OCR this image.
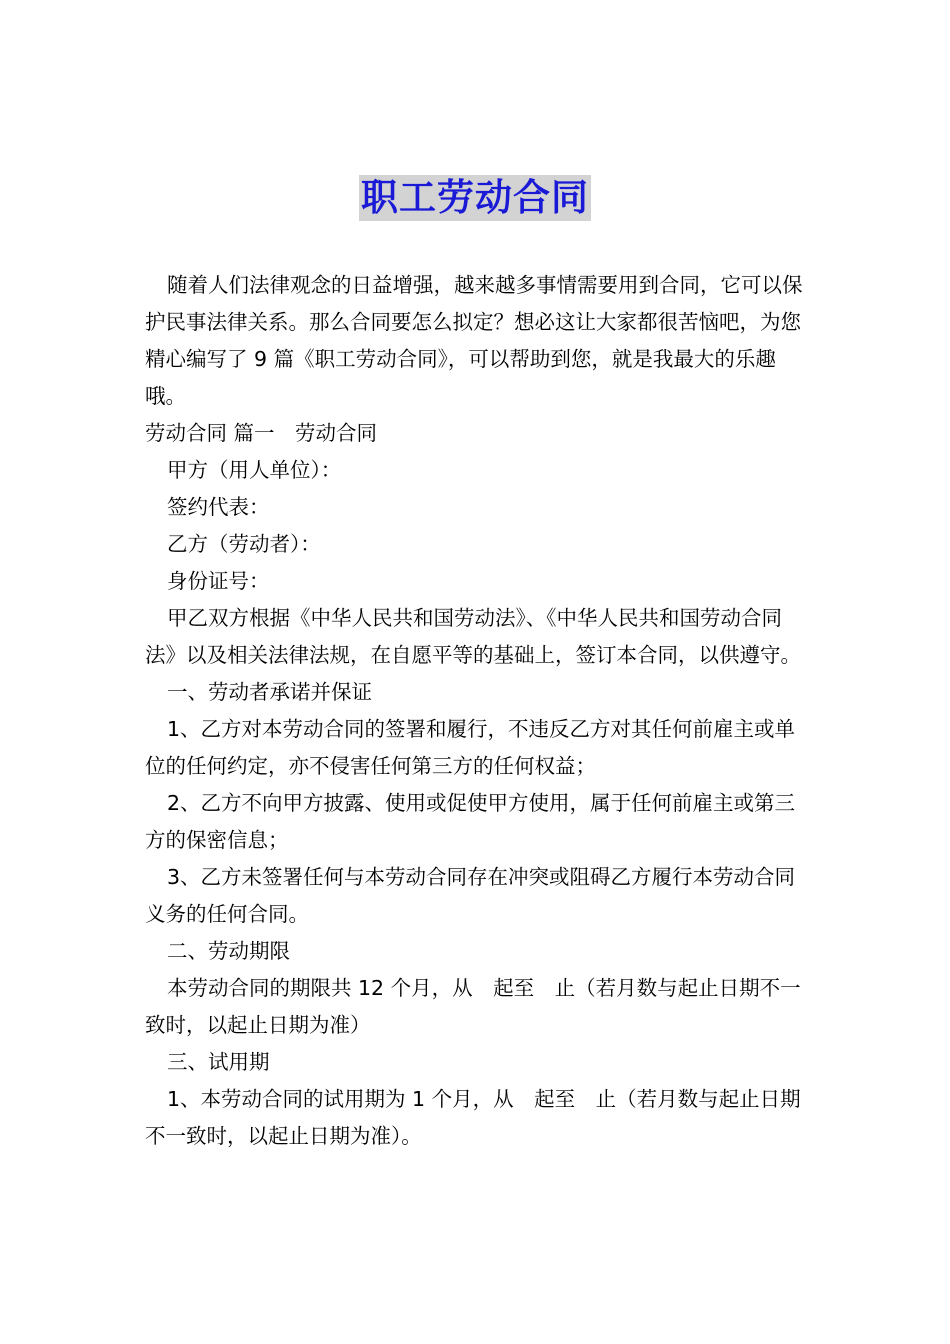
职工劳动合同

随着人们法律观念的日益增强，越来越多事情需要用到合同，它可以保护民事法律关系。那么合同要怎么拟定？想必这让大家都很苦恼吧，为您精心编写了 9 篇《职工劳动合同》，可以帮助到您，就是我最大的乐趣哦。

劳动合同 篇一　劳动合同

甲方（用人单位）：

签约代表：

乙方（劳动者）：

身份证号：

甲乙双方根据《中华人民共和国劳动法》、《中华人民共和国劳动合同法》以及相关法律法规，在自愿平等的基础上，签订本合同，以供遵守。

一、劳动者承诺并保证

1、乙方对本劳动合同的签署和履行，不违反乙方对其任何前雇主或单位的任何约定，亦不侵害任何第三方的任何权益；

2、乙方不向甲方披露、使用或促使甲方使用，属于任何前雇主或第三方的保密信息；

3、乙方未签署任何与本劳动合同存在冲突或阻碍乙方履行本劳动合同义务的任何合同。

二、劳动期限

本劳动合同的期限共 12 个月，从　起至　止（若月数与起止日期不一致时，以起止日期为准）

三、试用期

1、本劳动合同的试用期为 1 个月，从　起至　止（若月数与起止日期不一致时，以起止日期为准）。
